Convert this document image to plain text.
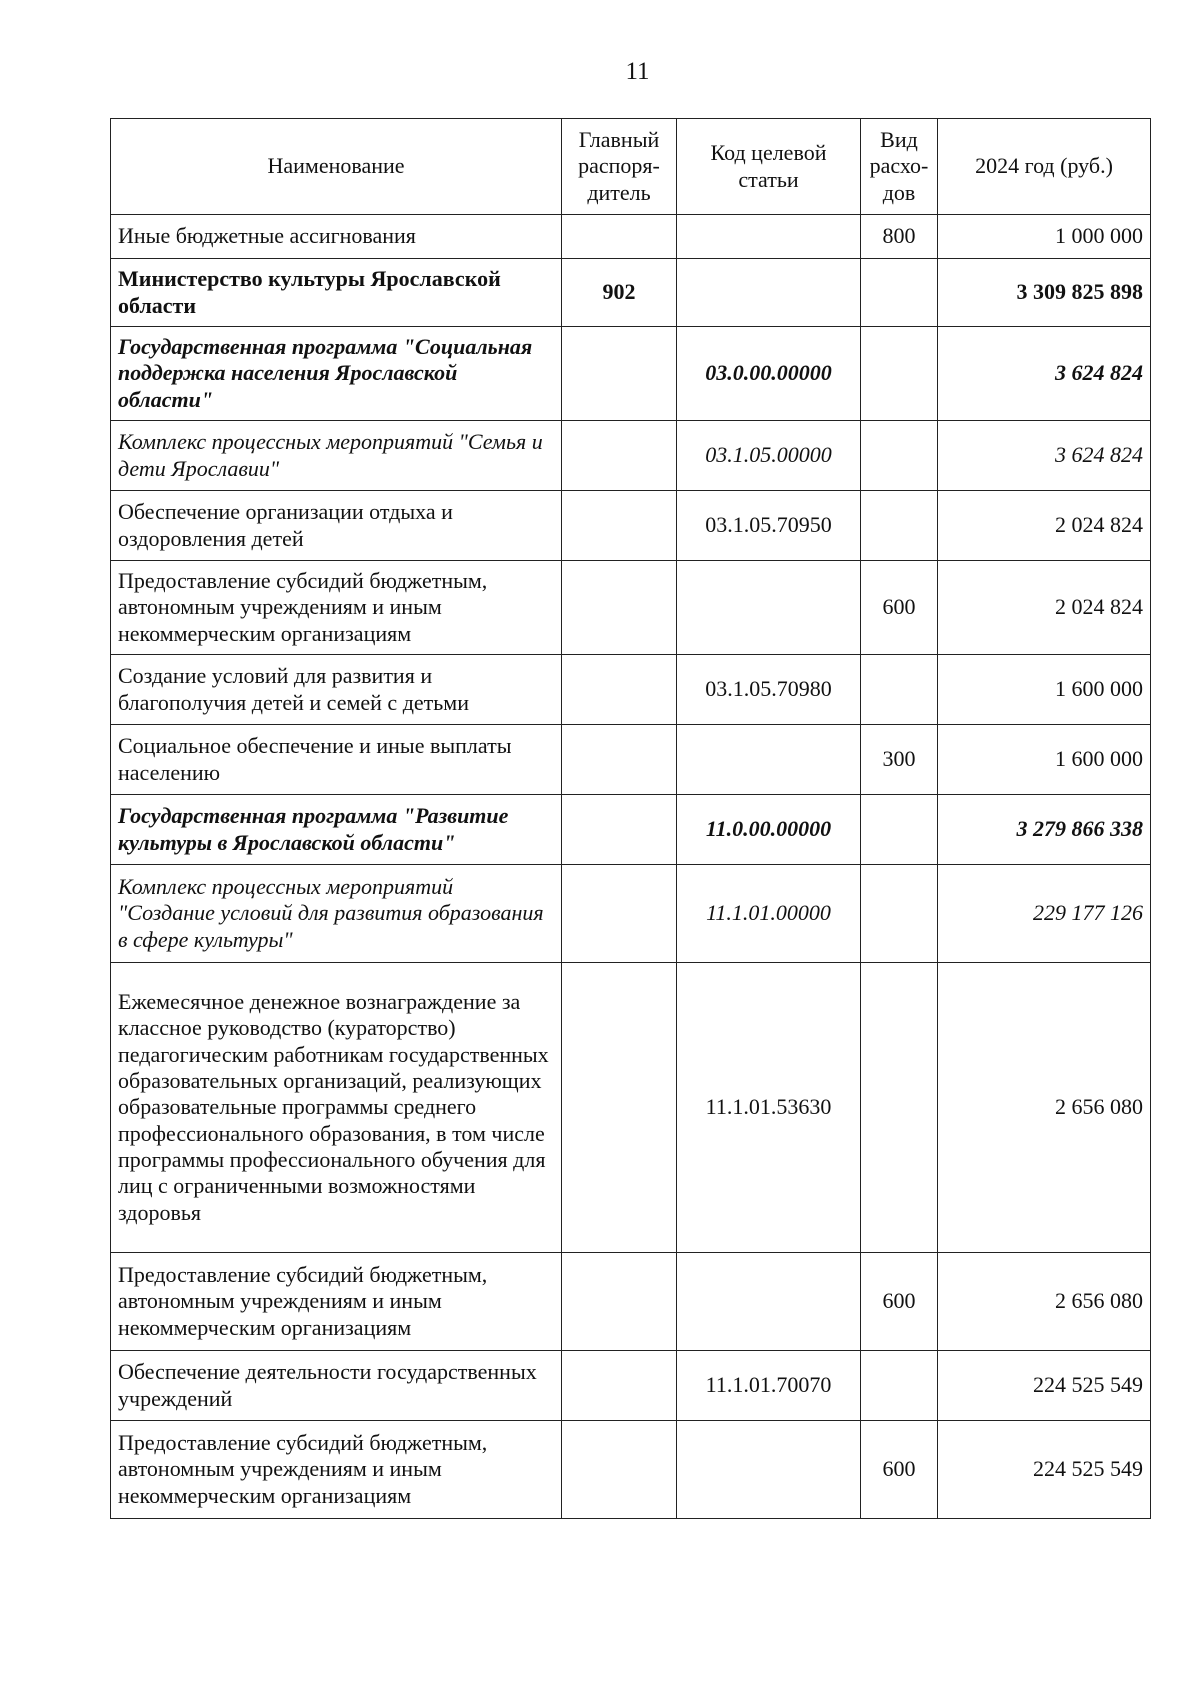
11
Наименование	Главный распоря-дитель	Код целевой статьи	Вид расхо-дов	2024 год (руб.)
Иные бюджетные ассигнования			800	1 000 000
Министерство культуры Ярославской области	902			3 309 825 898
Государственная программа "Социальная поддержка населения Ярославской области"		03.0.00.00000		3 624 824
Комплекс процессных мероприятий "Семья и дети Ярославии"		03.1.05.00000		3 624 824
Обеспечение организации отдыха и оздоровления детей		03.1.05.70950		2 024 824
Предоставление субсидий бюджетным, автономным учреждениям и иным некоммерческим организациям			600	2 024 824
Создание условий для развития и благополучия детей и семей с детьми		03.1.05.70980		1 600 000
Социальное обеспечение и иные выплаты населению			300	1 600 000
Государственная программа "Развитие культуры в Ярославской области"		11.0.00.00000		3 279 866 338
Комплекс процессных мероприятий "Создание условий для развития образования в сфере культуры"		11.1.01.00000		229 177 126
Ежемесячное денежное вознаграждение за классное руководство (кураторство) педагогическим работникам государственных образовательных организаций, реализующих образовательные программы среднего профессионального образования, в том числе программы профессионального обучения для лиц с ограниченными возможностями здоровья		11.1.01.53630		2 656 080
Предоставление субсидий бюджетным, автономным учреждениям и иным некоммерческим организациям			600	2 656 080
Обеспечение деятельности государственных учреждений		11.1.01.70070		224 525 549
Предоставление субсидий бюджетным, автономным учреждениям и иным некоммерческим организациям			600	224 525 549
